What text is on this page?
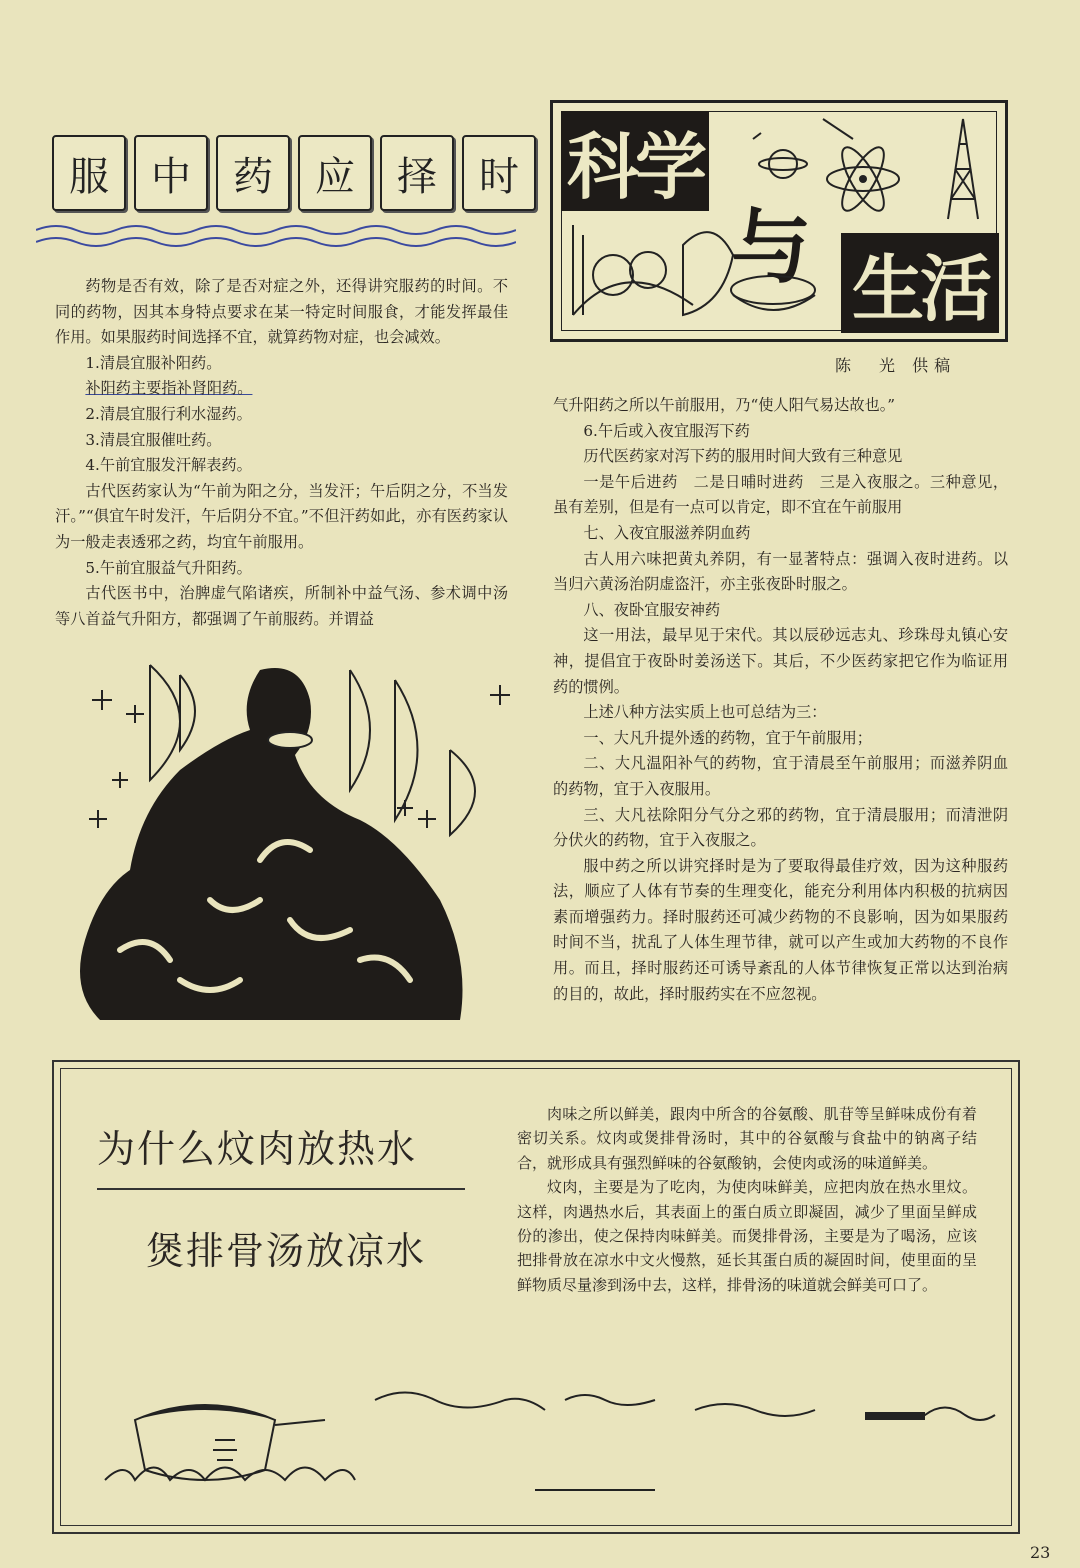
服	中	药	应	择	时

药物是否有效，除了是否对症之外，还得讲究服药的时间。不同的药物，因其本身特点要求在某一特定时间服食，才能发挥最佳作用。如果服药时间选择不宜，就算药物对症，也会减效。

1.清晨宜服补阳药。

补阳药主要指补肾阳药。

2.清晨宜服行利水湿药。

3.清晨宜服催吐药。

4.午前宜服发汗解表药。

古代医药家认为“午前为阳之分，当发汗；午后阴之分，不当发汗。”“俱宜午时发汗，午后阴分不宜。”不但汗药如此，亦有医药家认为一般走表透邪之药，均宜午前服用。

5.午前宜服益气升阳药。

古代医书中，治脾虚气陷诸疾，所制补中益气汤、参术调中汤等八首益气升阳方，都强调了午前服药。并谓益

科学
与 生活
陈　光 供稿

气升阳药之所以午前服用，乃“使人阳气易达故也。”

6.午后或入夜宜服泻下药

历代医药家对泻下药的服用时间大致有三种意见

一是午后进药　二是日晡时进药　三是入夜服之。三种意见，虽有差别，但是有一点可以肯定，即不宜在午前服用

七、入夜宜服滋养阴血药

古人用六味把黄丸养阴，有一显著特点：强调入夜时进药。以当归六黄汤治阴虚盗汗，亦主张夜卧时服之。

八、夜卧宜服安神药

这一用法，最早见于宋代。其以辰砂远志丸、珍珠母丸镇心安神，提倡宜于夜卧时姜汤送下。其后，不少医药家把它作为临证用药的惯例。

上述八种方法实质上也可总结为三：

一、大凡升提外透的药物，宜于午前服用；

二、大凡温阳补气的药物，宜于清晨至午前服用；而滋养阴血的药物，宜于入夜服用。

三、大凡祛除阳分气分之邪的药物，宜于清晨服用；而清泄阴分伏火的药物，宜于入夜服之。

服中药之所以讲究择时是为了要取得最佳疗效，因为这种服药法，顺应了人体有节奏的生理变化，能充分利用体内积极的抗病因素而增强药力。择时服药还可减少药物的不良影响，因为如果服药时间不当，扰乱了人体生理节律，就可以产生或加大药物的不良作用。而且，择时服药还可诱导紊乱的人体节律恢复正常以达到治病的目的，故此，择时服药实在不应忽视。

为什么炆肉放热水
煲排骨汤放凉水

肉味之所以鲜美，跟肉中所含的谷氨酸、肌苷等呈鲜味成份有着密切关系。炆肉或煲排骨汤时，其中的谷氨酸与食盐中的钠离子结合，就形成具有强烈鲜味的谷氨酸钠，会使肉或汤的味道鲜美。

炆肉，主要是为了吃肉，为使肉味鲜美，应把肉放在热水里炆。这样，肉遇热水后，其表面上的蛋白质立即凝固，减少了里面呈鲜成份的渗出，使之保持肉味鲜美。而煲排骨汤，主要是为了喝汤，应该把排骨放在凉水中文火慢熬，延长其蛋白质的凝固时间，使里面的呈鲜物质尽量渗到汤中去，这样，排骨汤的味道就会鲜美可口了。

23
